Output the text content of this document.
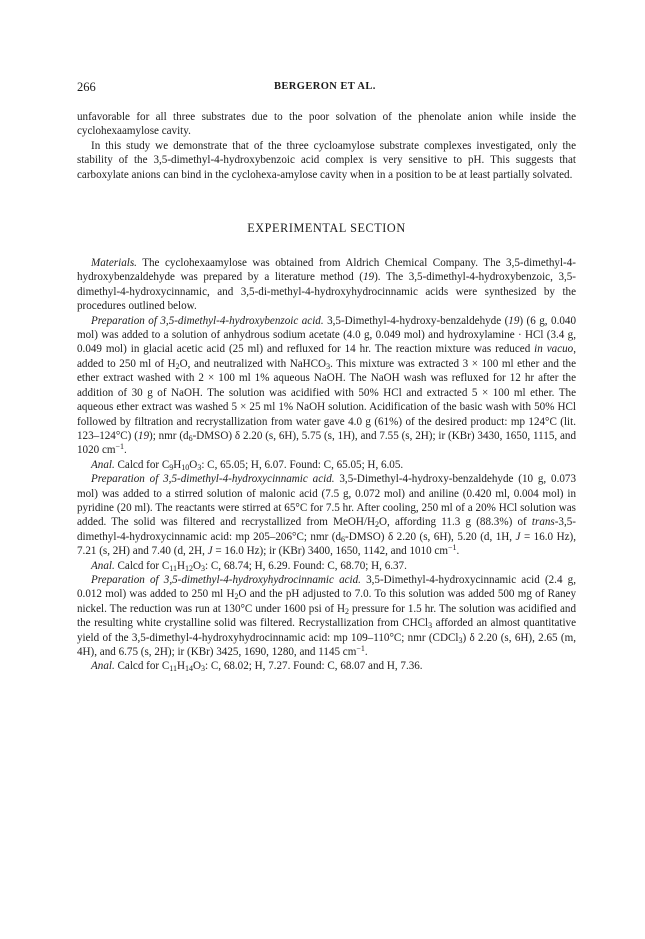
266	BERGERON ET AL.

unfavorable for all three substrates due to the poor solvation of the phenolate anion while inside the cyclohexaamylose cavity.

In this study we demonstrate that of the three cycloamylose substrate complexes investigated, only the stability of the 3,5-dimethyl-4-hydroxybenzoic acid complex is very sensitive to pH. This suggests that carboxylate anions can bind in the cyclohexa-amylose cavity when in a position to be at least partially solvated.

EXPERIMENTAL SECTION

Materials. The cyclohexaamylose was obtained from Aldrich Chemical Company. The 3,5-dimethyl-4-hydroxybenzaldehyde was prepared by a literature method (19). The 3,5-dimethyl-4-hydroxybenzoic, 3,5-dimethyl-4-hydroxycinnamic, and 3,5-di-methyl-4-hydroxyhydrocinnamic acids were synthesized by the procedures outlined below.

Preparation of 3,5-dimethyl-4-hydroxybenzoic acid. 3,5-Dimethyl-4-hydroxy-benzaldehyde (19) (6 g, 0.040 mol) was added to a solution of anhydrous sodium acetate (4.0 g, 0.049 mol) and hydroxylamine · HCl (3.4 g, 0.049 mol) in glacial acetic acid (25 ml) and refluxed for 14 hr. The reaction mixture was reduced in vacuo, added to 250 ml of $H_2O$, and neutralized with NaHCO$_3$. This mixture was extracted 3 × 100 ml ether and the ether extract washed with 2 × 100 ml 1% aqueous NaOH. The NaOH wash was refluxed for 12 hr after the addition of 30 g of NaOH. The solution was acidified with 50% HCl and extracted 5 × 100 ml ether. The aqueous ether extract was washed 5 × 25 ml 1% NaOH solution. Acidification of the basic wash with 50% HCl followed by filtration and recrystallization from water gave 4.0 g (61%) of the desired product: mp 124°C (lit. 123–124°C) (19); nmr $(d_6-DMSO)$ δ 2.20 (s, 6H), 5.75 (s, 1H), and 7.55 (s, 2H); ir (KBr) 3430, 1650, 1115, and 1020 $cm^{-1}$.

Anal. Calcd for $C_9H_{10}O_3$: C, 65.05; H, 6.07. Found: C, 65.05; H, 6.05.

Preparation of 3,5-dimethyl-4-hydroxycinnamic acid. 3,5-Dimethyl-4-hydroxy-benzaldehyde (10 g, 0.073 mol) was added to a stirred solution of malonic acid (7.5 g, 0.072 mol) and aniline (0.420 ml, 0.004 mol) in pyridine (20 ml). The reactants were stirred at 65°C for 7.5 hr. After cooling, 250 ml of a 20% HCl solution was added. The solid was filtered and recrystallized from MeOH/$H_2O$, affording 11.3 g (88.3%) of trans-3,5-dimethyl-4-hydroxycinnamic acid: mp 205–206°C; nmr $(d_6-DMSO)$ δ 2.20 (s, 6H), 5.20 (d, 1H, J = 16.0 Hz), 7.21 (s, 2H) and 7.40 (d, 2H, J = 16.0 Hz); ir (KBr) 3400, 1650, 1142, and 1010 $cm^{-1}$.

Anal. Calcd for $C_{11}H_{12}O_3$: C, 68.74; H, 6.29. Found: C, 68.70; H, 6.37.

Preparation of 3,5-dimethyl-4-hydroxyhydrocinnamic acid. 3,5-Dimethyl-4-hydroxycinnamic acid (2.4 g, 0.012 mol) was added to 250 ml $H_2O$ and the pH adjusted to 7.0. To this solution was added 500 mg of Raney nickel. The reduction was run at 130°C under 1600 psi of $H_2$ pressure for 1.5 hr. The solution was acidified and the resulting white crystalline solid was filtered. Recrystallization from CHCl$_3$ afforded an almost quantitative yield of the 3,5-dimethyl-4-hydroxyhydrocinnamic acid: mp 109–110°C; nmr (CDCl$_3$) δ 2.20 (s, 6H), 2.65 (m, 4H), and 6.75 (s, 2H); ir (KBr) 3425, 1690, 1280, and 1145 $cm^{-1}$.

Anal. Calcd for $C_{11}H_{14}O_3$: C, 68.02; H, 7.27. Found: C, 68.07 and H, 7.36.
